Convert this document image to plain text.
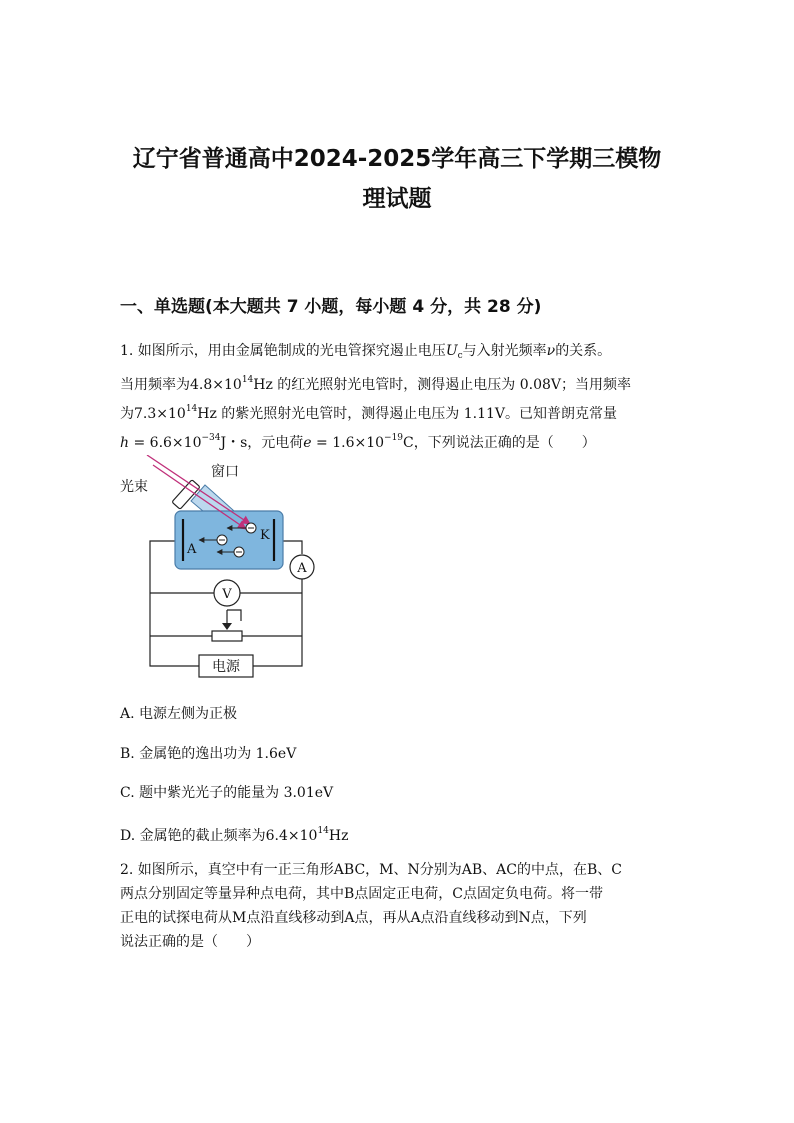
辽宁省普通高中2024-2025学年高三下学期三模物
理试题
一、单选题(本大题共 7 小题，每小题 4 分，共 28 分)
1. 如图所示，用由金属铯制成的光电管探究遏止电压$U_c$与入射光频率ν的关系。
当用频率为$4.8\times 10^{14}Hz$ 的红光照射光电管时，测得遏止电压为 0.08V；当用频率
为$7.3\times 10^{14}Hz$ 的紫光照射光电管时，测得遏止电压为 1.11V。已知普朗克常量
$h = 6.6\times 10^{-34}J$・s，元电荷$e = 1.6\times 10^{-19}C$，下列说法正确的是（　　）
光束
窗口
A
K
A
V
电源
A. 电源左侧为正极
B. 金属铯的逸出功为 1.6eV
C. 题中紫光光子的能量为 3.01eV
D. 金属铯的截止频率为$6.4\times 10^{14}Hz$
2. 如图所示，真空中有一正三角形ABC，M、N分别为AB、AC的中点，在B、C
两点分别固定等量异种点电荷，其中B点固定正电荷，C点固定负电荷。将一带
正电的试探电荷从M点沿直线移动到A点，再从A点沿直线移动到N点，下列
说法正确的是（　　）
